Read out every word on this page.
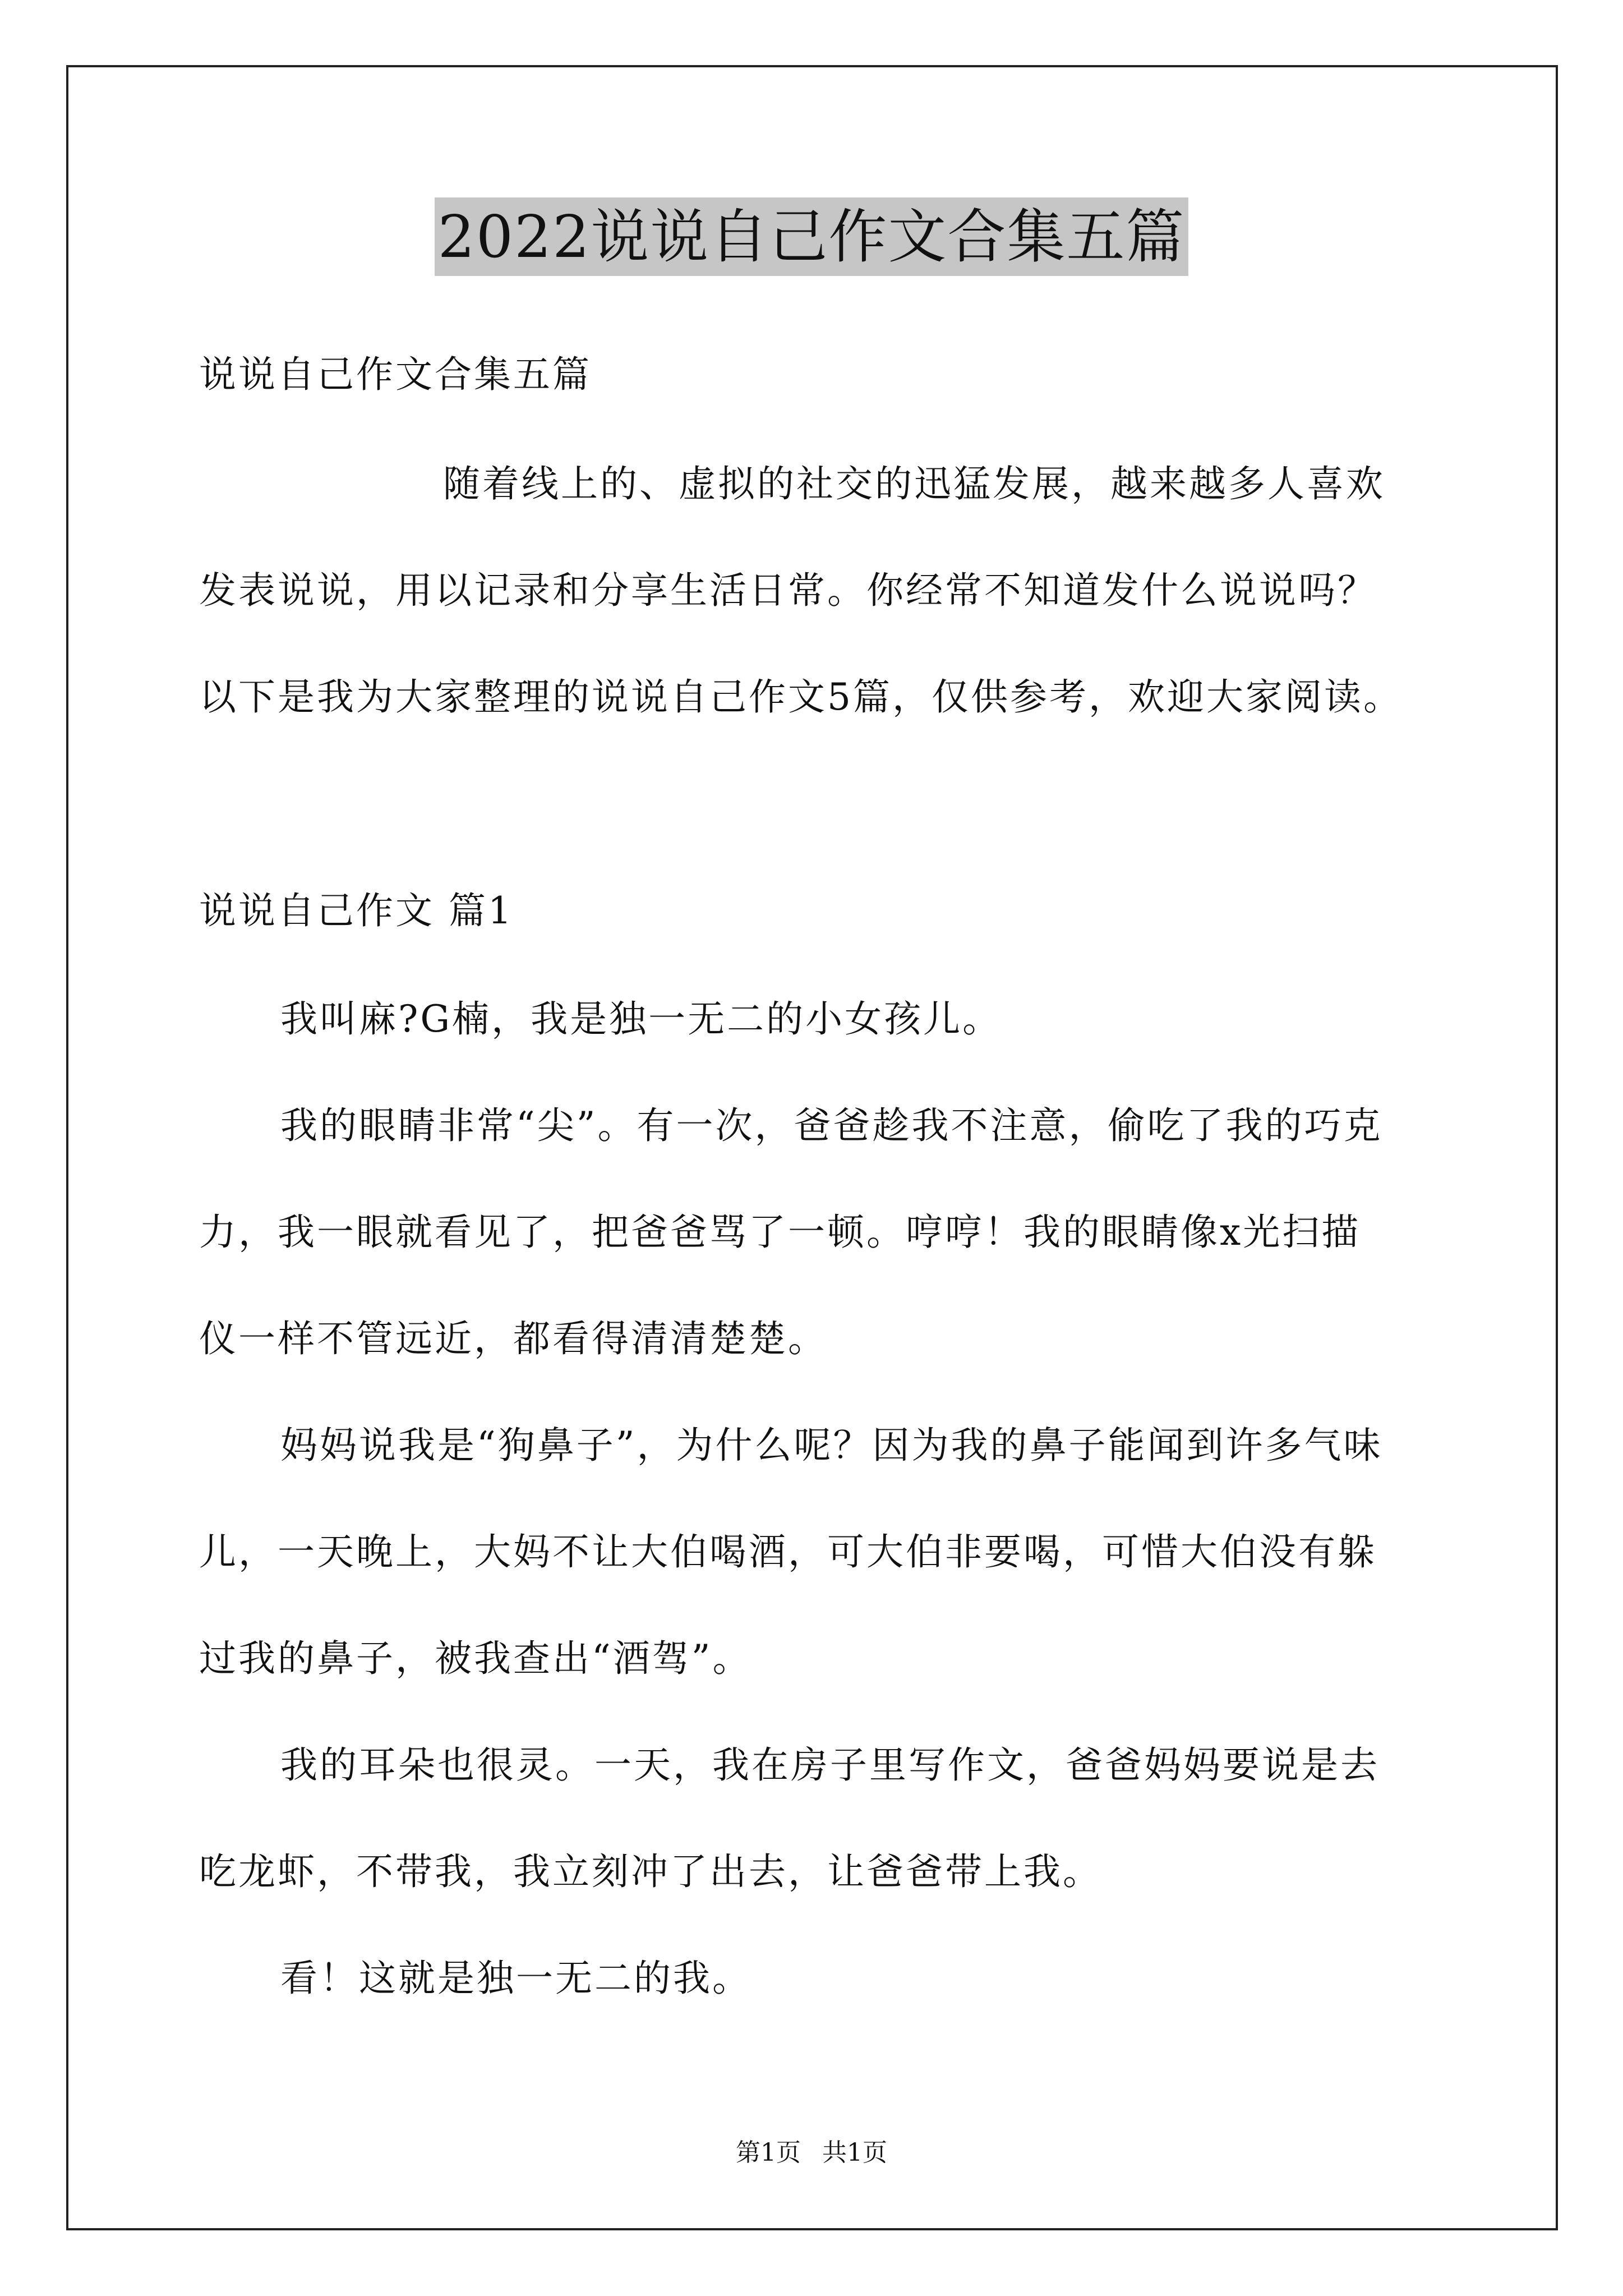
2022说说自己作文合集五篇
说说自己作文合集五篇
随着线上的、虚拟的社交的迅猛发展，越来越多人喜欢
发表说说，用以记录和分享生活日常。你经常不知道发什么说说吗？
以下是我为大家整理的说说自己作文5篇，仅供参考，欢迎大家阅读。
说说自己作文 篇1
我叫麻?G楠，我是独一无二的小女孩儿。
我的眼睛非常“尖”。有一次，爸爸趁我不注意，偷吃了我的巧克
力，我一眼就看见了，把爸爸骂了一顿。哼哼！我的眼睛像x光扫描
仪一样不管远近，都看得清清楚楚。
妈妈说我是“狗鼻子”，为什么呢？因为我的鼻子能闻到许多气味
儿，一天晚上，大妈不让大伯喝酒，可大伯非要喝，可惜大伯没有躲
过我的鼻子，被我查出“酒驾”。
我的耳朵也很灵。一天，我在房子里写作文，爸爸妈妈要说是去
吃龙虾，不带我，我立刻冲了出去，让爸爸带上我。
看！这就是独一无二的我。
第1页 共1页
